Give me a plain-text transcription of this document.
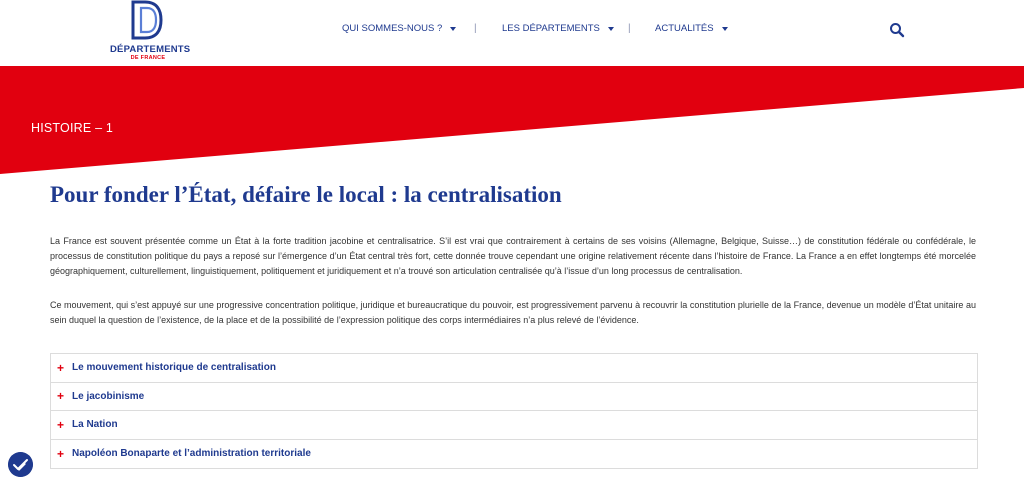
DÉPARTEMENTS
DE FRANCE
QUI SOMMES-NOUS ?	|	LES DÉPARTEMENTS	|	ACTUALITÉS
HISTOIRE – 1
Pour fonder l’État, défaire le local : la centralisation

La France est souvent présentée comme un État à la forte tradition jacobine et centralisatrice. S’il est vrai que contrairement à certains de ses voisins (Allemagne, Belgique, Suisse…) de constitution fédérale ou confédérale, le processus de constitution politique du pays a reposé sur l’émergence d’un État central très fort, cette donnée trouve cependant une origine relativement récente dans l’histoire de France. La France a en effet longtemps été morcelée géographiquement, culturellement, linguistiquement, politiquement et juridiquement et n’a trouvé son articulation centralisée qu’à l’issue d’un long processus de centralisation.

Ce mouvement, qui s’est appuyé sur une progressive concentration politique, juridique et bureaucratique du pouvoir, est progressivement parvenu à recouvrir la constitution plurielle de la France, devenue un modèle d’État unitaire au sein duquel la question de l’existence, de la place et de la possibilité de l’expression politique des corps intermédiaires n’a plus relevé de l’évidence.

+ Le mouvement historique de centralisation
+ Le jacobinisme
+ La Nation
+ Napoléon Bonaparte et l’administration territoriale
